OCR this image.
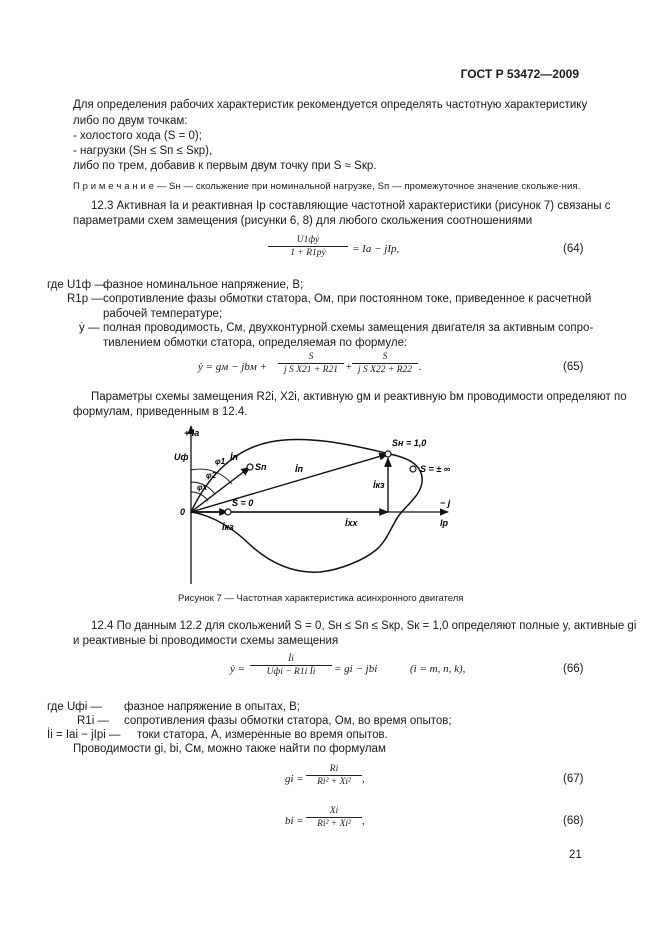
ГОСТ Р 53472—2009
Для определения рабочих характеристик рекомендуется определять частотную характеристику
либо по двум точкам:
- холостого хода (S = 0);
- нагрузки (Sн ≤ Sп ≤ Sкр),
либо по трем, добавив к первым двум точку при S ≈ Sкр.
П р и м е ч а н и е — Sн — скольжение при номинальной нагрузке, Sп — промежуточное значение скольже-ния.
12.3 Активная Iа и реактивная Iр составляющие частотной характеристики (рисунок 7) связаны с
параметрами схем замещения (рисунки 6, 8) для любого скольжения соотношениями
U1фẏ
1 + R1рẏ	= Iа − jIр,	(64)
где U1ф —
фазное номинальное напряжение, В;
R1р — сопротивление фазы обмотки статора, Ом, при постоянном токе, приведенное к расчетной
рабочей температуре;
ẏ — полная проводимость, См, двухконтурной схемы замещения двигателя за активным сопро-
тивлением обмотки статора, определяемая по формуле:
ẏ = gм − jbм + $\frac{S}{\text{j S X21 + R21}} + \frac{S}{\text{j S X22 + R22}}$ .	(65)
Параметры схемы замещения R2i, X2i, активную gм и реактивную bм проводимости определяют по
формулам, приведенным в 12.4.
+ Iа
Uф	φ1
φ2
φx
İп
Sп	İп
Sн = 1,0
S = ± ∞
İкз
0
S = 0
İхх
İкз
− j
Iр
Рисунок 7 — Частотная характеристика асинхронного двигателя
12.4 По данным 12.2 для скольжений S = 0, Sн ≤ Sп ≤ Sкр, Sк = 1,0 определяют полные y, активные gi
и реактивные bi проводимости схемы замещения
ẏ =
İi
Uфi − R1i İi	= gi − jbi	(i = m, n, k),	(66)
где Uфi — фазное напряжение в опытах, В;
R1i — сопротивления фазы обмотки статора, Ом, во время опытов;
İi = Iаi − jIрi — токи статора, А, измеренные во время опытов.
Проводимости gi, bi, См, можно также найти по формулам
gi = $\frac{Ri}{\text{Ri² + Xi²}}$ ,	(67)
bi = $\frac{Xi}{\text{Ri² + Xi²}}$ ,	(68)
21
